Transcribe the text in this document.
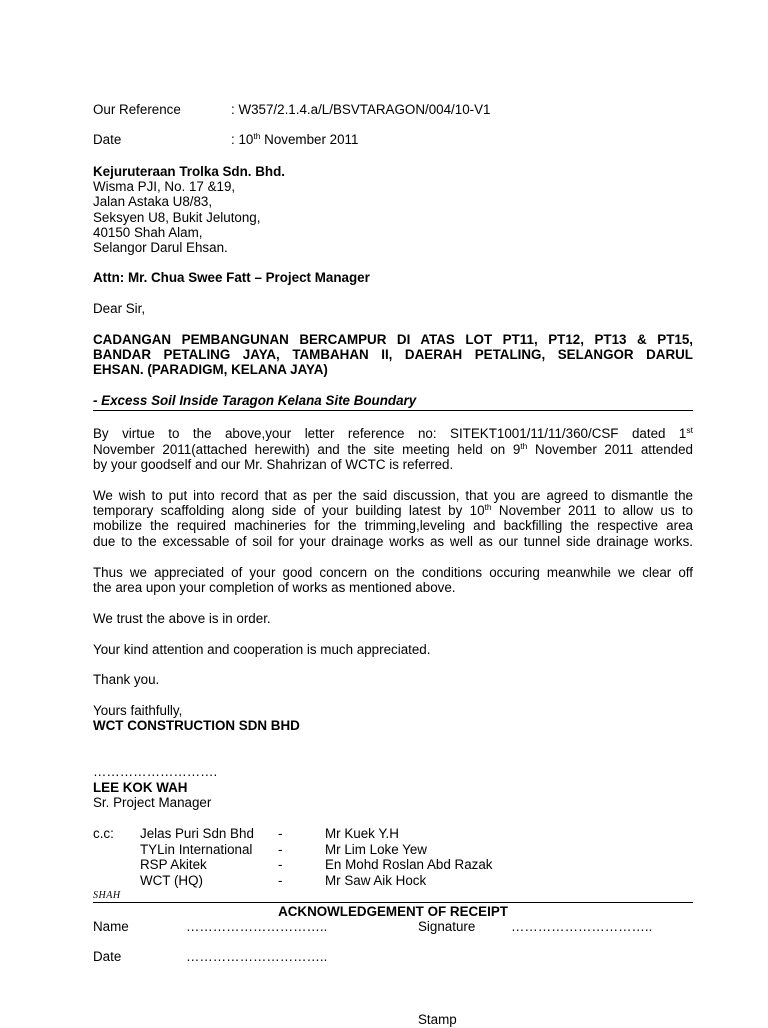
Our Reference	: W357/2.1.4.a/L/BSVTARAGON/004/10-V1
Date	: 10th November 2011
Kejuruteraan Trolka Sdn. Bhd.
Wisma PJI, No. 17 &19,
Jalan Astaka U8/83,
Seksyen U8, Bukit Jelutong,
40150 Shah Alam,
Selangor Darul Ehsan.
Attn: Mr. Chua Swee Fatt – Project Manager
Dear Sir,
CADANGAN PEMBANGUNAN BERCAMPUR DI ATAS LOT PT11, PT12, PT13 & PT15,
BANDAR PETALING JAYA, TAMBAHAN II, DAERAH PETALING, SELANGOR DARUL
EHSAN. (PARADIGM, KELANA JAYA)
- Excess Soil Inside Taragon Kelana Site Boundary
By virtue to the above,your letter reference no: SITEKT1001/11/11/360/CSF dated 1st
November 2011(attached herewith) and the site meeting held on 9th November 2011 attended
by your goodself and our Mr. Shahrizan of WCTC is referred.
We wish to put into record that as per the said discussion, that you are agreed to dismantle the
temporary scaffolding along side of your building latest by 10th November 2011 to allow us to
mobilize the required machineries for the trimming,leveling and backfilling the respective area
due to the excessable of soil for your drainage works as well as our tunnel side drainage works.
Thus we appreciated of your good concern on the conditions occuring meanwhile we clear off
the area upon your completion of works as mentioned above.
We trust the above is in order.
Your kind attention and cooperation is much appreciated.
Thank you.
Yours faithfully,
WCT CONSTRUCTION SDN BHD
……………………….
LEE KOK WAH
Sr. Project Manager
c.c: Jelas Puri Sdn Bhd -	Mr Kuek Y.H
TYLin International -	Mr Lim Loke Yew
RSP Akitek	-	En Mohd Roslan Abd Razak
WCT (HQ)	-	Mr Saw Aik Hock
SHAH
ACKNOWLEDGEMENT OF RECEIPT
Name	…………………………..	Signature	…………………………..
Date	…………………………..
Stamp
